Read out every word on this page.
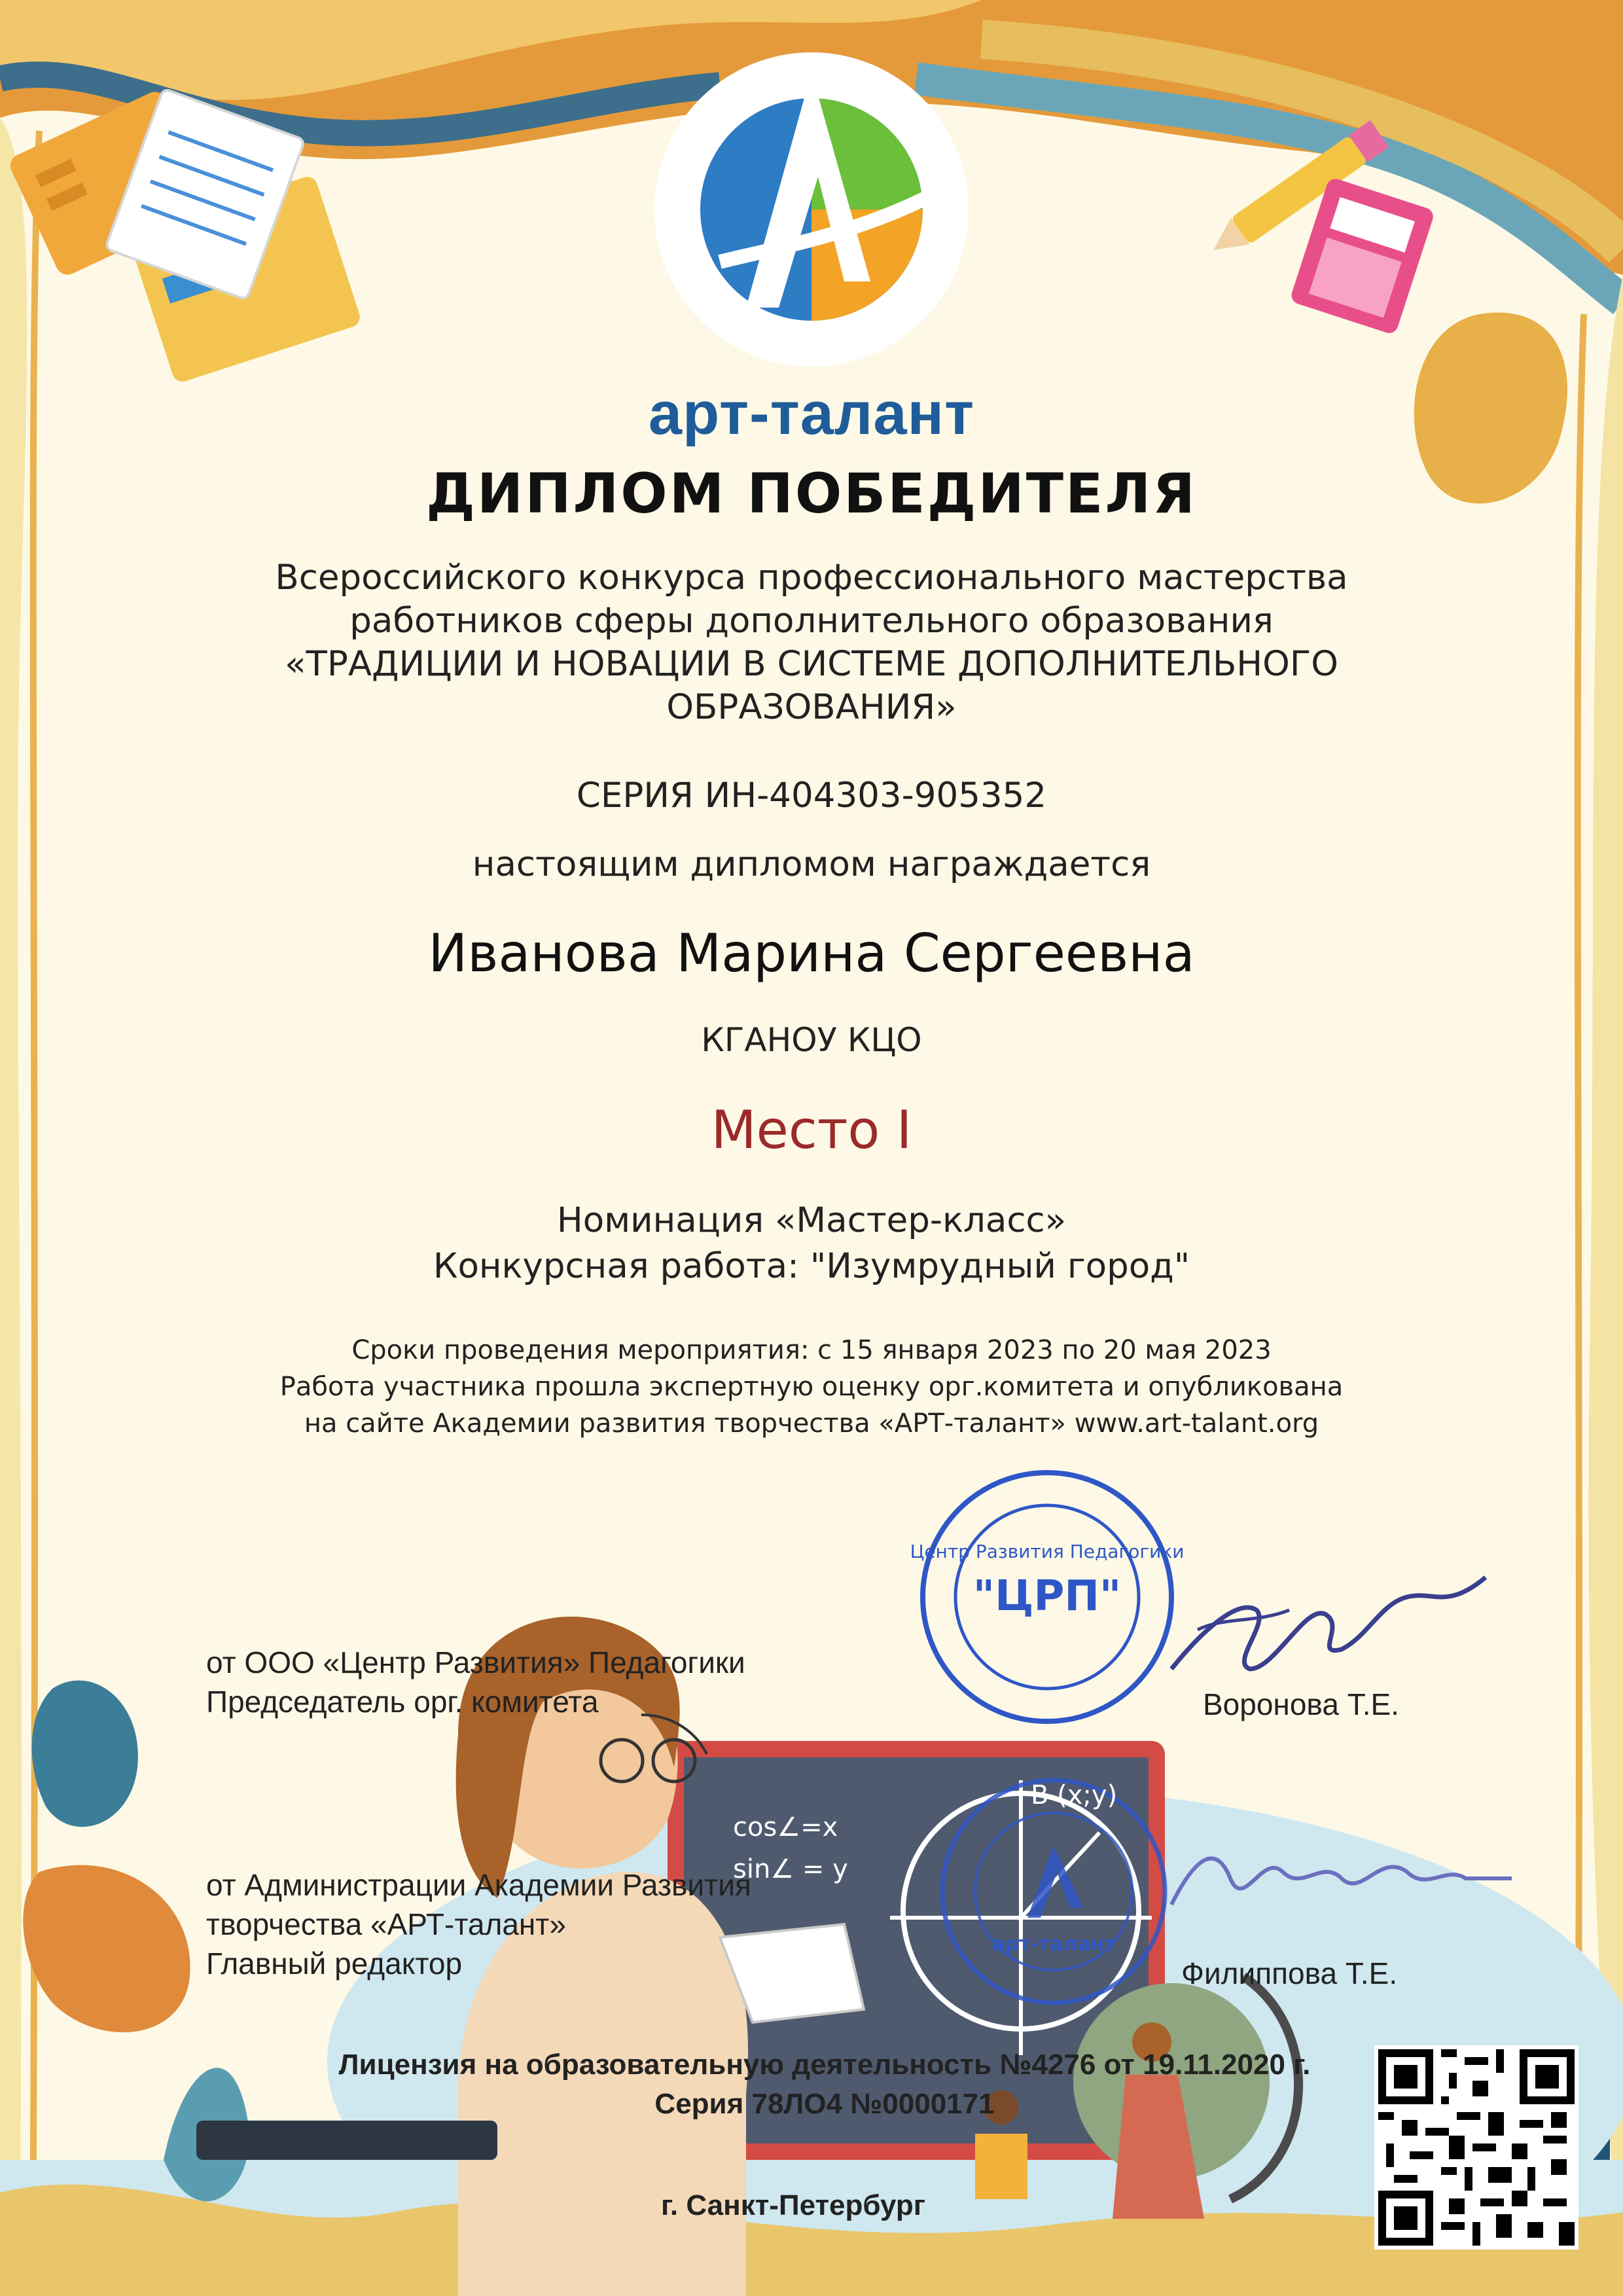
арт-талант
ДИПЛОМ ПОБЕДИТЕЛЯ
Всероссийского конкурса профессионального мастерства
работников сферы дополнительного образования
«ТРАДИЦИИ И НОВАЦИИ В СИСТЕМЕ ДОПОЛНИТЕЛЬНОГО
ОБРАЗОВАНИЯ»
СЕРИЯ ИН-404303-905352
настоящим дипломом награждается
Иванова Марина Сергеевна
КГАНОУ КЦО
Место I
Номинация «Мастер-класс»
Конкурсная работа: "Изумрудный город"
Сроки проведения мероприятия: с 15 января 2023 по 20 мая 2023
Работа участника прошла экспертную оценку орг.комитета и опубликована
на сайте Академии развития творчества «АРТ-талант» www.art-talant.org
Центр Развития Педагогики
"ЦРП"
арт-талант
от ООО «Центр Развития» Педагогики
Председатель орг. комитета	Воронова Т.Е.
от Администрации Академии Развития
творчества «АРТ-талант»
Главный редактор	Филиппова Т.Е.
cos∠=x
sin∠ = y
B (x;y)
Лицензия на образовательную деятельность №4276 от 19.11.2020 г.
Серия 78ЛО4 №0000171
г. Санкт-Петербург
